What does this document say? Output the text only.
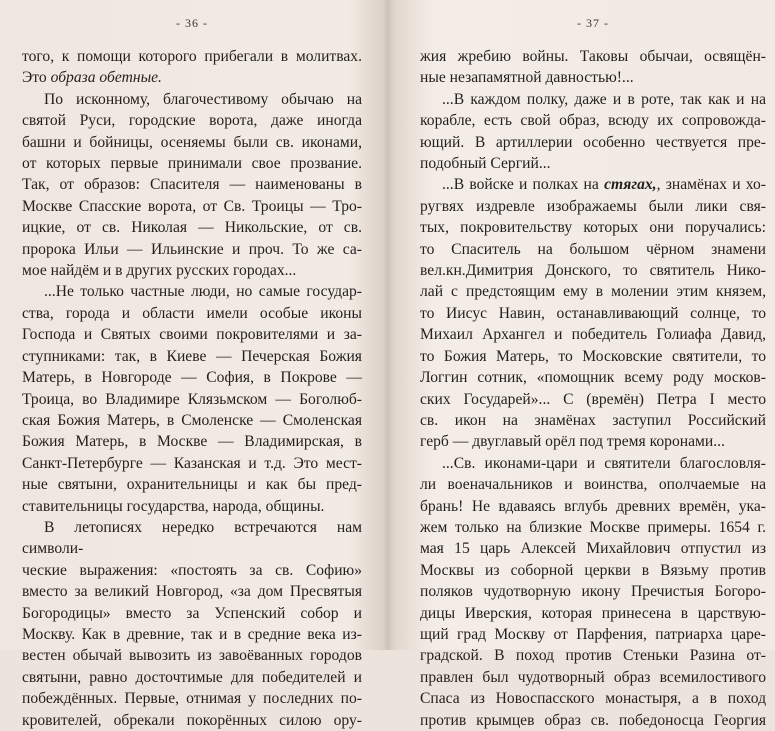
- 36 -

того, к помощи которого прибегали в молитвах.

Это образа обетные.

По исконному, благочестивому обычаю на

святой Руси, городские ворота, даже иногда

башни и бойницы, осеняемы были св. иконами,

от которых первые принимали свое прозвание.

Так, от образов: Спасителя — наименованы в

Москве Спасские ворота, от Св. Троицы — Тро-

ицкие, от св. Николая — Никольские, от св.

пророка Ильи — Ильинские и проч. То же са-

мое найдём и в других русских городах...

...Не только частные люди, но самые государ-

ства, города и области имели особые иконы

Господа и Святых своими покровителями и за-

ступниками: так, в Киеве — Печерская Божия

Матерь, в Новгороде — София, в Покрове —

Троица, во Владимире Клязьмском — Боголюб-

ская Божия Матерь, в Смоленске — Смоленская

Божия Матерь, в Москве — Владимирская, в

Санкт-Петербурге — Казанская и т.д. Это мест-

ные святыни, охранительницы и как бы пред-

ставительницы государства, народа, общины.

В летописях нередко встречаются нам символи-

ческие выражения: «постоять за св. Софию»

вместо за великий Новгород, «за дом Пресвятыя

Богородицы» вместо за Успенский собор и

Москву. Как в древние, так и в средние века из-

вестен обычай вывозить из завоёванных городов

святыни, равно досточтимые для победителей и

побеждённых. Первые, отнимая у последних по-

кровителей, обрекали покорённых силою ору-

- 37 -

жия жребию войны. Таковы обычаи, освящён-

ные незапамятной давностью!...

...В каждом полку, даже и в роте, так как и на

корабле, есть свой образ, всюду их сопровожда-

ющий. В артиллерии особенно чествуется пре-

подобный Сергий...

...В войске и полках на стягах,, знамёнах и хо-

ругвях издревле изображаемы были лики свя-

тых, покровительству которых они поручались:

то Спаситель на большом чёрном знамени

вел.кн.Димитрия Донского, то святитель Нико-

лай с предстоящим ему в молении этим князем,

то Иисус Навин, останавливающий солнце, то

Михаил Архангел и победитель Голиафа Давид,

то Божия Матерь, то Московские святители, то

Логгин сотник, «помощник всему роду москов-

ских Государей»... С (времён) Петра I место

св. икон на знамёнах заступил Российский

герб — двуглавый орёл под тремя коронами...

...Св. иконами-цари и святители благословля-

ли военачальников и воинства, ополчаемые на

брань! Не вдаваясь вглубь древних времён, ука-

жем только на близкие Москве примеры. 1654 г.

мая 15 царь Алексей Михайлович отпустил из

Москвы из соборной церкви в Вязьму против

поляков чудотворную икону Пречистыя Богоро-

дицы Иверския, которая принесена в царствую-

щий град Москву от Парфения, патриарха царе-

градской. В поход против Стеньки Разина от-

правлен был чудотворный образ всемилостивого

Спаса из Новоспасского монастыря, а в поход

против крымцев образ св. победоносца Георгия
